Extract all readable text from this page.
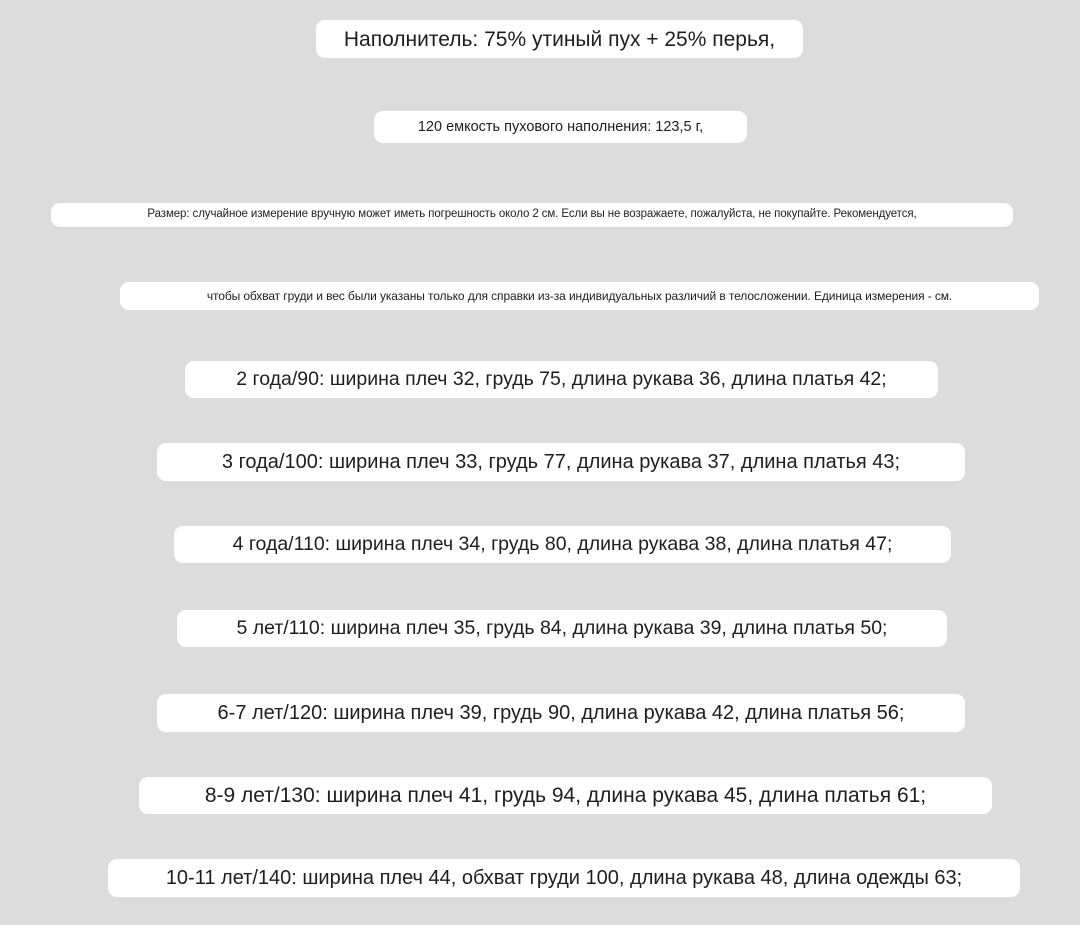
Наполнитель: 75% утиный пух + 25% перья,
120 емкость пухового наполнения: 123,5 г,
Размер: случайное измерение вручную может иметь погрешность около 2 см. Если вы не возражаете, пожалуйста, не покупайте. Рекомендуется,
чтобы обхват груди и вес были указаны только для справки из-за индивидуальных различий в телосложении. Единица измерения - см.
2 года/90: ширина плеч 32, грудь 75, длина рукава 36, длина платья 42;
3 года/100: ширина плеч 33, грудь 77, длина рукава 37, длина платья 43;
4 года/110: ширина плеч 34, грудь 80, длина рукава 38, длина платья 47;
5 лет/110: ширина плеч 35, грудь 84, длина рукава 39, длина платья 50;
6-7 лет/120: ширина плеч 39, грудь 90, длина рукава 42, длина платья 56;
8-9 лет/130: ширина плеч 41, грудь 94, длина рукава 45, длина платья 61;
10-11 лет/140: ширина плеч 44, обхват груди 100, длина рукава 48, длина одежды 63;
